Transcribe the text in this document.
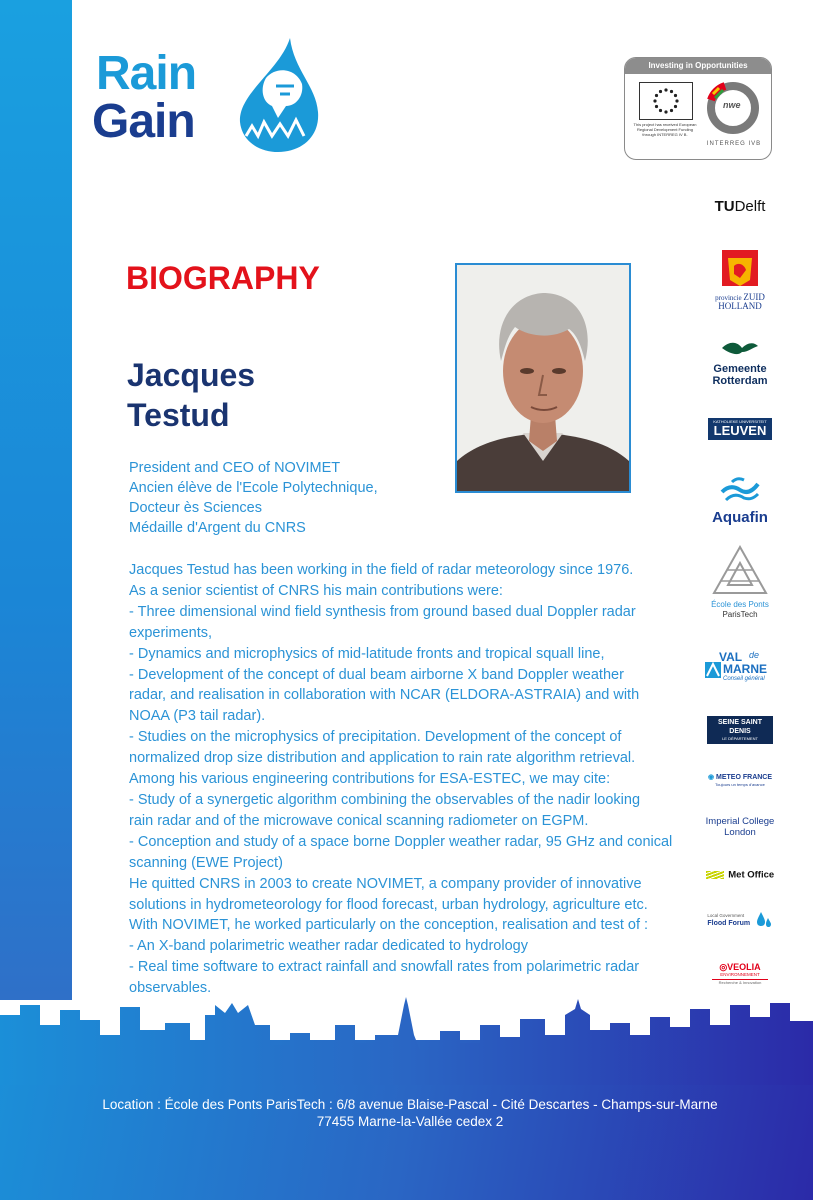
Rain
Gain
Investing in Opportunities
This project has received European Regional Development Funding through INTERREG IV B.
nwe
INTERREG IVB
TUDelft
provincie ZUID HOLLAND
Gemeente
Rotterdam
KATHOLIEKE UNIVERSITEIT
LEUVEN
Aquafin
École des Ponts
ParisTech
VAL de
MARNE
Conseil général
SEINE SAINT DENIS
LE DÉPARTEMENT
◉ METEO FRANCE
Toujours un temps d'avance
Imperial College
London
Met Office
Local Government
Flood Forum

◎VEOLIA
ENVIRONNEMENT
Recherche & Innovation
BIOGRAPHY
Jacques
Testud
President and CEO of NOVIMET
Ancien élève de l'Ecole Polytechnique,
Docteur ès Sciences
Médaille d'Argent du CNRS
Jacques Testud has been working in the field of radar meteorology since 1976.
As a senior scientist of CNRS his main contributions were:
- Three dimensional wind field synthesis from ground based dual Doppler radar
experiments,
- Dynamics and microphysics of mid-latitude fronts and tropical squall line,
- Development of the concept of dual beam airborne X band Doppler weather
radar, and realisation in collaboration with NCAR (ELDORA-ASTRAIA) and with
NOAA (P3 tail radar).
- Studies on the microphysics of precipitation. Development of the concept of
normalized drop size distribution and application to rain rate algorithm retrieval.
Among his various engineering contributions for ESA-ESTEC, we may cite:
- Study of a synergetic algorithm combining the observables of the nadir looking
rain radar and of the microwave conical scanning radiometer on EGPM.
- Conception and study of a space borne Doppler weather radar, 95 GHz and conical
scanning (EWE Project)
He quitted CNRS in 2003 to create NOVIMET, a company provider of innovative
solutions in hydrometeorology for flood forecast, urban hydrology, agriculture etc.
With NOVIMET, he worked particularly on the conception, realisation and test of :
- An X-band polarimetric weather radar dedicated to hydrology
- Real time software to extract rainfall and snowfall rates from polarimetric radar
observables.
Location : École des Ponts ParisTech : 6/8 avenue Blaise-Pascal - Cité Descartes - Champs-sur-Marne
77455 Marne-la-Vallée cedex 2
